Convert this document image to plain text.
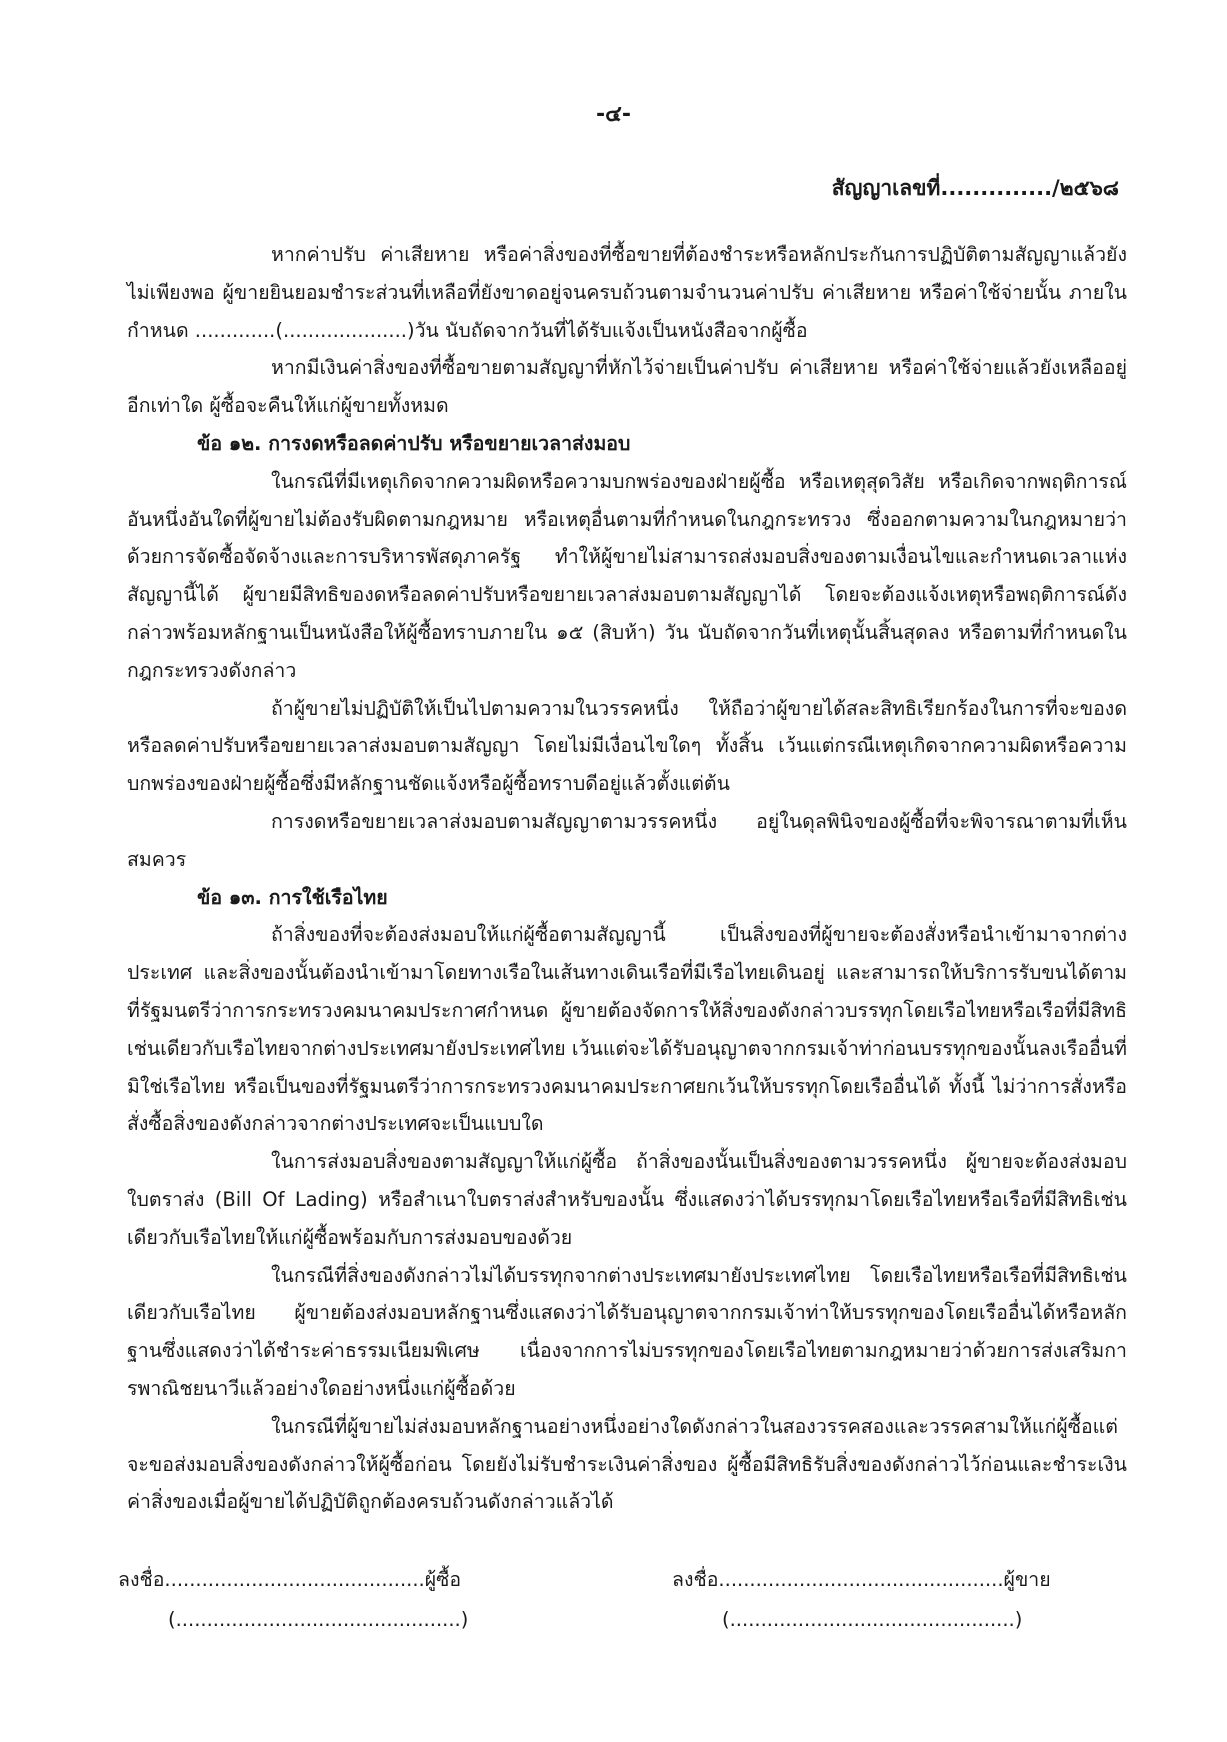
-๔-
สัญญาเลขที่............../๒๕๖๘

หากค่าปรับ ค่าเสียหาย หรือค่าสิ่งของที่ซื้อขายที่ต้องชำระหรือหลักประกันการปฏิบัติตามสัญญาแล้วยังไม่เพียงพอ ผู้ขายยินยอมชำระส่วนที่เหลือที่ยังขาดอยู่จนครบถ้วนตามจำนวนค่าปรับ ค่าเสียหาย หรือค่าใช้จ่ายนั้น ภายในกำหนด .............(....................)วัน นับถัดจากวันที่ได้รับแจ้งเป็นหนังสือจากผู้ซื้อ

หากมีเงินค่าสิ่งของที่ซื้อขายตามสัญญาที่หักไว้จ่ายเป็นค่าปรับ ค่าเสียหาย หรือค่าใช้จ่ายแล้วยังเหลืออยู่อีกเท่าใด ผู้ซื้อจะคืนให้แก่ผู้ขายทั้งหมด

ข้อ ๑๒. การงดหรือลดค่าปรับ หรือขยายเวลาส่งมอบ

ในกรณีที่มีเหตุเกิดจากความผิดหรือความบกพร่องของฝ่ายผู้ซื้อ หรือเหตุสุดวิสัย หรือเกิดจากพฤติการณ์อันหนึ่งอันใดที่ผู้ขายไม่ต้องรับผิดตามกฎหมาย หรือเหตุอื่นตามที่กำหนดในกฎกระทรวง ซึ่งออกตามความในกฎหมายว่าด้วยการจัดซื้อจัดจ้างและการบริหารพัสดุภาครัฐ ทำให้ผู้ขายไม่สามารถส่งมอบสิ่งของตามเงื่อนไขและกำหนดเวลาแห่งสัญญานี้ได้ ผู้ขายมีสิทธิของดหรือลดค่าปรับหรือขยายเวลาส่งมอบตามสัญญาได้ โดยจะต้องแจ้งเหตุหรือพฤติการณ์ดังกล่าวพร้อมหลักฐานเป็นหนังสือให้ผู้ซื้อทราบภายใน ๑๕ (สิบห้า) วัน นับถัดจากวันที่เหตุนั้นสิ้นสุดลง หรือตามที่กำหนดในกฎกระทรวงดังกล่าว

ถ้าผู้ขายไม่ปฏิบัติให้เป็นไปตามความในวรรคหนึ่ง ให้ถือว่าผู้ขายได้สละสิทธิเรียกร้องในการที่จะของดหรือลดค่าปรับหรือขยายเวลาส่งมอบตามสัญญา โดยไม่มีเงื่อนไขใดๆ ทั้งสิ้น เว้นแต่กรณีเหตุเกิดจากความผิดหรือความบกพร่องของฝ่ายผู้ซื้อซึ่งมีหลักฐานชัดแจ้งหรือผู้ซื้อทราบดีอยู่แล้วตั้งแต่ต้น

การงดหรือขยายเวลาส่งมอบตามสัญญาตามวรรคหนึ่ง อยู่ในดุลพินิจของผู้ซื้อที่จะพิจารณาตามที่เห็นสมควร

ข้อ ๑๓. การใช้เรือไทย

ถ้าสิ่งของที่จะต้องส่งมอบให้แก่ผู้ซื้อตามสัญญานี้ เป็นสิ่งของที่ผู้ขายจะต้องสั่งหรือนำเข้ามาจากต่างประเทศ และสิ่งของนั้นต้องนำเข้ามาโดยทางเรือในเส้นทางเดินเรือที่มีเรือไทยเดินอยู่ และสามารถให้บริการรับขนได้ตามที่รัฐมนตรีว่าการกระทรวงคมนาคมประกาศกำหนด ผู้ขายต้องจัดการให้สิ่งของดังกล่าวบรรทุกโดยเรือไทยหรือเรือที่มีสิทธิเช่นเดียวกับเรือไทยจากต่างประเทศมายังประเทศไทย เว้นแต่จะได้รับอนุญาตจากกรมเจ้าท่าก่อนบรรทุกของนั้นลงเรืออื่นที่มิใช่เรือไทย หรือเป็นของที่รัฐมนตรีว่าการกระทรวงคมนาคมประกาศยกเว้นให้บรรทุกโดยเรืออื่นได้ ทั้งนี้ ไม่ว่าการสั่งหรือสั่งซื้อสิ่งของดังกล่าวจากต่างประเทศจะเป็นแบบใด

ในการส่งมอบสิ่งของตามสัญญาให้แก่ผู้ซื้อ ถ้าสิ่งของนั้นเป็นสิ่งของตามวรรคหนึ่ง ผู้ขายจะต้องส่งมอบใบตราส่ง (Bill Of Lading) หรือสำเนาใบตราส่งสำหรับของนั้น ซึ่งแสดงว่าได้บรรทุกมาโดยเรือไทยหรือเรือที่มีสิทธิเช่นเดียวกับเรือไทยให้แก่ผู้ซื้อพร้อมกับการส่งมอบของด้วย

ในกรณีที่สิ่งของดังกล่าวไม่ได้บรรทุกจากต่างประเทศมายังประเทศไทย โดยเรือไทยหรือเรือที่มีสิทธิเช่นเดียวกับเรือไทย ผู้ขายต้องส่งมอบหลักฐานซึ่งแสดงว่าได้รับอนุญาตจากกรมเจ้าท่าให้บรรทุกของโดยเรืออื่นได้หรือหลักฐานซึ่งแสดงว่าได้ชำระค่าธรรมเนียมพิเศษ เนื่องจากการไม่บรรทุกของโดยเรือไทยตามกฎหมายว่าด้วยการส่งเสริมการพาณิชยนาวีแล้วอย่างใดอย่างหนึ่งแก่ผู้ซื้อด้วย

ในกรณีที่ผู้ขายไม่ส่งมอบหลักฐานอย่างหนึ่งอย่างใดดังกล่าวในสองวรรคสองและวรรคสามให้แก่ผู้ซื้อแต่จะขอส่งมอบสิ่งของดังกล่าวให้ผู้ซื้อก่อน โดยยังไม่รับชำระเงินค่าสิ่งของ ผู้ซื้อมีสิทธิรับสิ่งของดังกล่าวไว้ก่อนและชำระเงินค่าสิ่งของเมื่อผู้ขายได้ปฏิบัติถูกต้องครบถ้วนดังกล่าวแล้วได้

ลงชื่อ..........................................ผู้ซื้อ
(..............................................)
ลงชื่อ..............................................ผู้ขาย
(..............................................)
